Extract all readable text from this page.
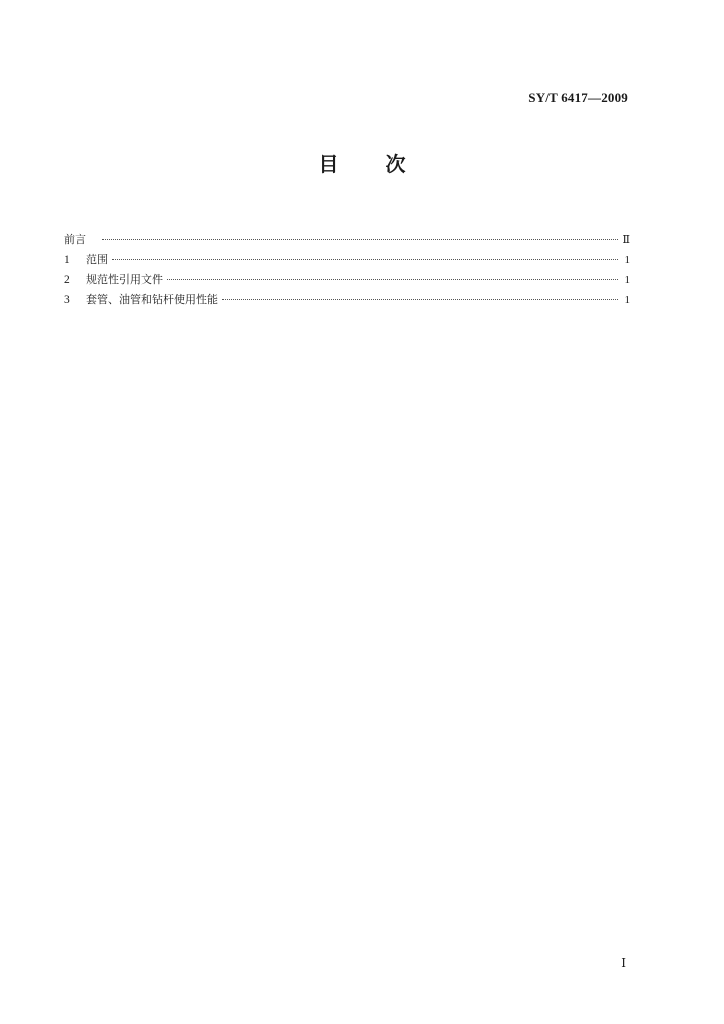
SY/T 6417—2009
目 次
前言	Ⅱ
1	范围	1
2	规范性引用文件	1
3	套管、油管和钻杆使用性能	1
Ⅰ
